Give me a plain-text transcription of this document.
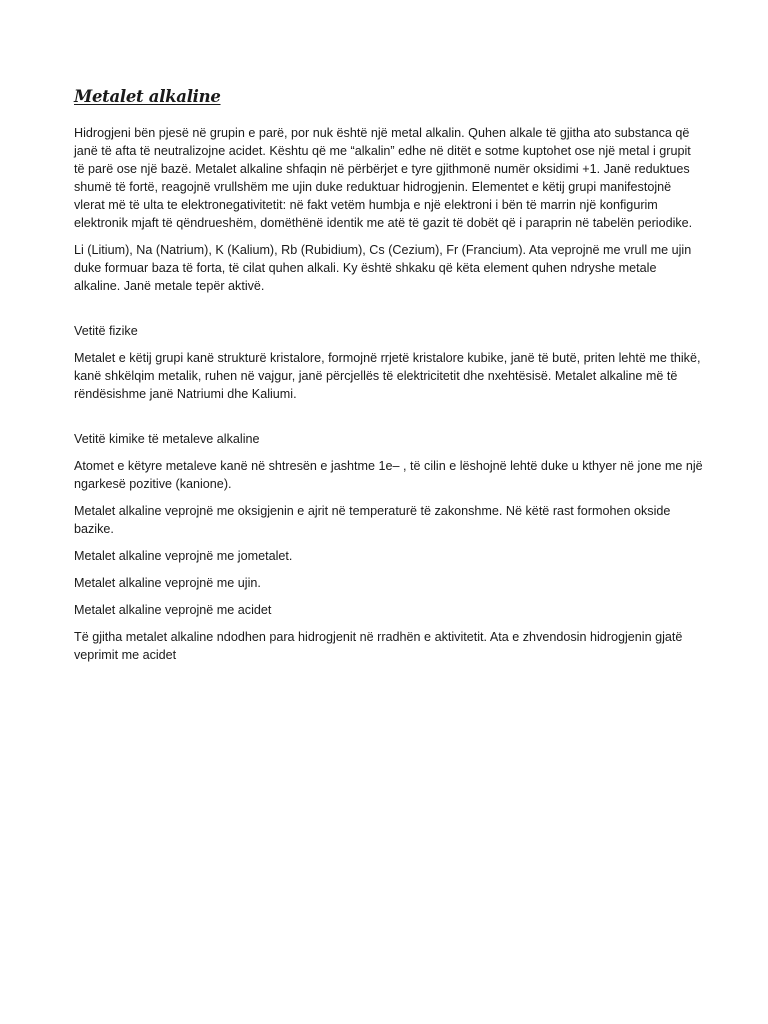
Metalet alkaline

Hidrogjeni bën pjesë në grupin e parë, por nuk është një metal alkalin. Quhen alkale të gjitha ato substanca që janë të afta të neutralizojne acidet. Kështu që me “alkalin” edhe në ditët e sotme kuptohet ose një metal i grupit të parë ose një bazë. Metalet alkaline shfaqin në përbërjet e tyre gjithmonë numër oksidimi +1. Janë reduktues shumë të fortë, reagojnë vrullshëm me ujin duke reduktuar hidrogjenin. Elementet e këtij grupi manifestojnë vlerat më të ulta te elektronegativitetit: në fakt vetëm humbja e një elektroni i bën të marrin një konfigurim elektronik mjaft të qëndrueshëm, domëthënë identik me atë të gazit të dobët që i paraprin në tabelën periodike.

Li (Litium), Na (Natrium), K (Kalium), Rb (Rubidium), Cs (Cezium), Fr (Francium). Ata veprojnë me vrull me ujin duke formuar baza të forta, të cilat quhen alkali. Ky është shkaku që këta element quhen ndryshe metale alkaline. Janë metale tepër aktivë.

Vetitë fizike

Metalet e këtij grupi kanë strukturë kristalore, formojnë rrjetë kristalore kubike, janë të butë, priten lehtë me thikë, kanë shkëlqim metalik, ruhen në vajgur, janë përcjellës të elektricitetit dhe nxehtësisë. Metalet alkaline më të rëndësishme janë Natriumi dhe Kaliumi.

Vetitë kimike të metaleve alkaline

Atomet e këtyre metaleve kanë në shtresën e jashtme 1e– , të cilin e lëshojnë lehtë duke u kthyer në jone me një ngarkesë pozitive (kanione).

Metalet alkaline veprojnë me oksigjenin e ajrit në temperaturë të zakonshme. Në këtë rast formohen okside bazike.

Metalet alkaline veprojnë me jometalet.

Metalet alkaline veprojnë me ujin.

Metalet alkaline veprojnë me acidet

Të gjitha metalet alkaline ndodhen para hidrogjenit në rradhën e aktivitetit. Ata e zhvendosin hidrogjenin gjatë veprimit me acidet
